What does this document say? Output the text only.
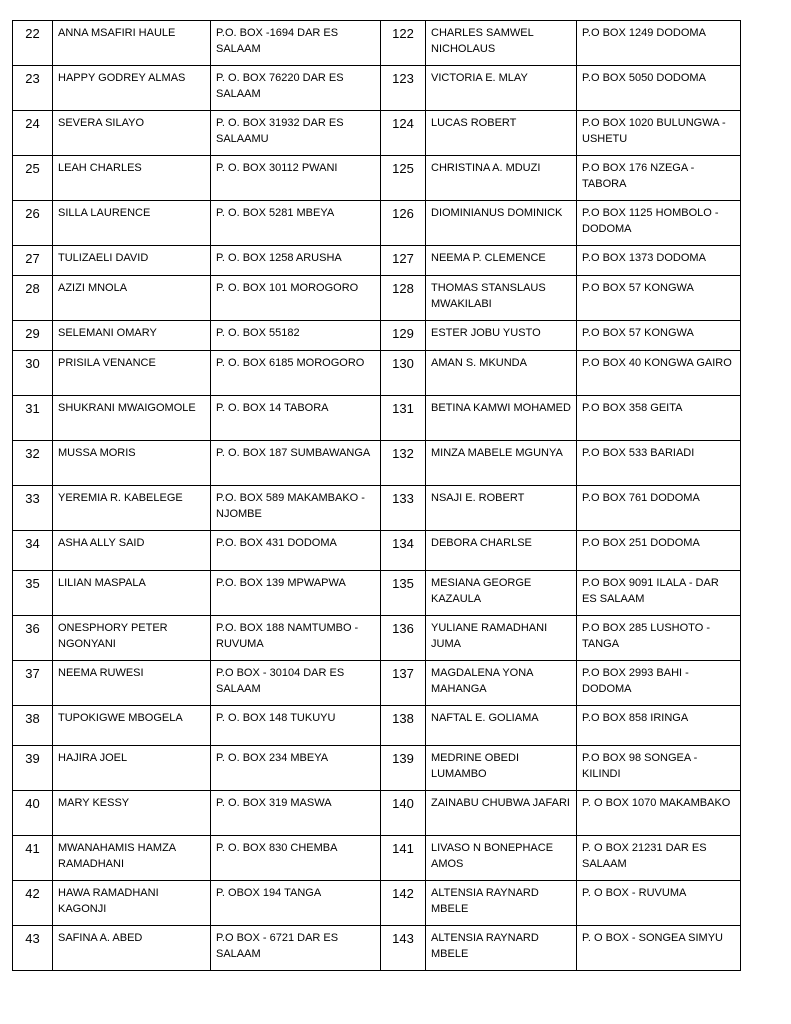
22	ANNA MSAFIRI HAULE	P.O. BOX -1694 DAR ES SALAAM	122	CHARLES SAMWEL NICHOLAUS	P.O BOX 1249 DODOMA
23	HAPPY GODREY ALMAS	P. O. BOX 76220 DAR ES SALAAM	123	VICTORIA E. MLAY	P.O BOX 5050 DODOMA
24	SEVERA SILAYO	P. O. BOX 31932 DAR ES SALAAMU	124	LUCAS ROBERT	P.O BOX 1020 BULUNGWA - USHETU
25	LEAH CHARLES	P. O. BOX 30112 PWANI	125	CHRISTINA A. MDUZI	P.O BOX 176 NZEGA - TABORA
26	SILLA LAURENCE	P. O. BOX 5281 MBEYA	126	DIOMINIANUS DOMINICK	P.O BOX 1125 HOMBOLO - DODOMA
27	TULIZAELI DAVID	P. O. BOX 1258 ARUSHA	127	NEEMA P. CLEMENCE	P.O BOX 1373 DODOMA
28	AZIZI MNOLA	P. O. BOX 101 MOROGORO	128	THOMAS STANSLAUS MWAKILABI	P.O BOX 57 KONGWA
29	SELEMANI OMARY	P. O. BOX 55182	129	ESTER JOBU YUSTO	P.O BOX 57 KONGWA
30	PRISILA VENANCE	P. O. BOX 6185 MOROGORO	130	AMAN S. MKUNDA	P.O BOX 40 KONGWA GAIRO
31	SHUKRANI MWAIGOMOLE	P. O. BOX 14 TABORA	131	BETINA KAMWI MOHAMED	P.O BOX 358 GEITA
32	MUSSA MORIS	P. O. BOX 187 SUMBAWANGA	132	MINZA MABELE MGUNYA	P.O BOX 533 BARIADI
33	YEREMIA R. KABELEGE	P.O. BOX 589 MAKAMBAKO - NJOMBE	133	NSAJI E. ROBERT	P.O BOX 761 DODOMA
34	ASHA ALLY SAID	P.O. BOX 431 DODOMA	134	DEBORA CHARLSE	P.O BOX 251 DODOMA
35	LILIAN MASPALA	P.O. BOX 139 MPWAPWA	135	MESIANA GEORGE KAZAULA	P.O BOX 9091 ILALA - DAR ES SALAAM
36	ONESPHORY PETER NGONYANI	P.O. BOX 188 NAMTUMBO - RUVUMA	136	YULIANE RAMADHANI JUMA	P.O BOX 285 LUSHOTO - TANGA
37	NEEMA RUWESI	P.O BOX - 30104 DAR ES SALAAM	137	MAGDALENA YONA MAHANGA	P.O BOX 2993 BAHI - DODOMA
38	TUPOKIGWE MBOGELA	P. O. BOX 148 TUKUYU	138	NAFTAL E. GOLIAMA	P.O BOX 858 IRINGA
39	HAJIRA JOEL	P. O. BOX 234 MBEYA	139	MEDRINE OBEDI LUMAMBO	P.O BOX 98 SONGEA - KILINDI
40	MARY KESSY	P. O. BOX 319 MASWA	140	ZAINABU CHUBWA JAFARI	P. O BOX 1070 MAKAMBAKO
41	MWANAHAMIS HAMZA RAMADHANI	P. O. BOX 830 CHEMBA	141	LIVASO N BONEPHACE AMOS	P. O BOX 21231 DAR ES SALAAM
42	HAWA RAMADHANI KAGONJI	P. OBOX 194 TANGA	142	ALTENSIA RAYNARD MBELE	P. O BOX - RUVUMA
43	SAFINA A. ABED	P.O BOX - 6721 DAR ES SALAAM	143	ALTENSIA RAYNARD MBELE	P. O BOX - SONGEA SIMYU
